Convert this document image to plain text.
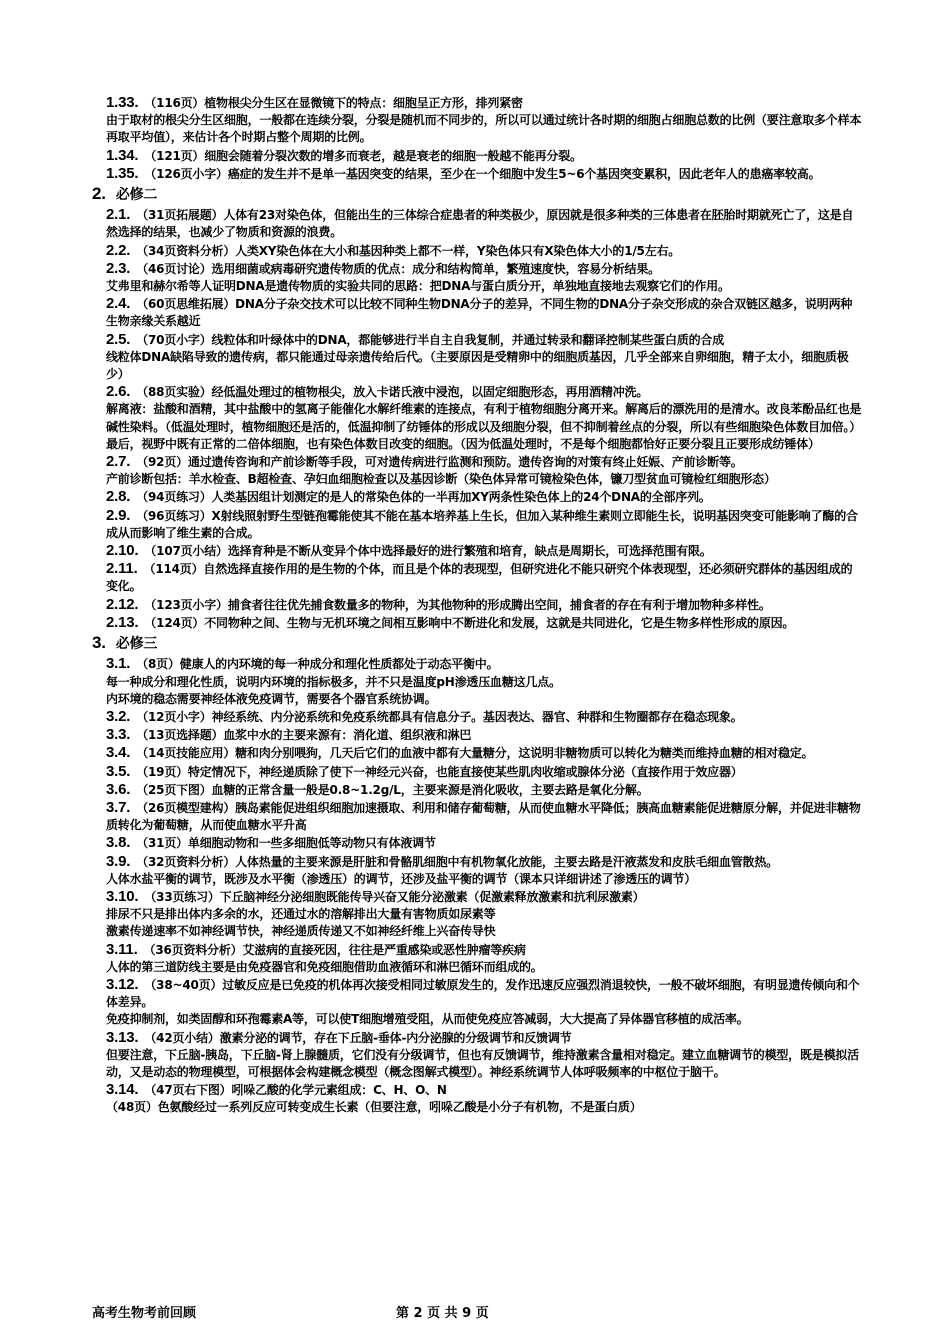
1.33. （116页）植物根尖分生区在显微镜下的特点：细胞呈正方形，排列紧密
由于取材的根尖分生区细胞，一般都在连续分裂，分裂是随机而不同步的，所以可以通过统计各时期的细胞占细胞总数的比例（要注意取多个样本再取平均值），来估计各个时期占整个周期的比例。
1.34. （121页）细胞会随着分裂次数的增多而衰老，越是衰老的细胞一般越不能再分裂。
1.35. （126页小字）癌症的发生并不是单一基因突变的结果，至少在一个细胞中发生5~6个基因突变累积，因此老年人的患癌率较高。
2. 必修二
2.1. （31页拓展题）人体有23对染色体，但能出生的三体综合症患者的种类极少，原因就是很多种类的三体患者在胚胎时期就死亡了，这是自然选择的结果，也减少了物质和资源的浪费。
2.2. （34页资料分析）人类XY染色体在大小和基因种类上都不一样，Y染色体只有X染色体大小的1/5左右。
2.3. （46页讨论）选用细菌或病毒研究遗传物质的优点：成分和结构简单，繁殖速度快，容易分析结果。
艾弗里和赫尔希等人证明DNA是遗传物质的实验共同的思路：把DNA与蛋白质分开，单独地直接地去观察它们的作用。
2.4. （60页思维拓展）DNA分子杂交技术可以比较不同种生物DNA分子的差异，不同生物的DNA分子杂交形成的杂合双链区越多，说明两种生物亲缘关系越近
2.5. （70页小字）线粒体和叶绿体中的DNA，都能够进行半自主自我复制，并通过转录和翻译控制某些蛋白质的合成
线粒体DNA缺陷导致的遗传病，都只能通过母亲遗传给后代。（主要原因是受精卵中的细胞质基因，几乎全部来自卵细胞，精子太小，细胞质极少）
2.6. （88页实验）经低温处理过的植物根尖，放入卡诺氏液中浸泡，以固定细胞形态，再用酒精冲洗。
解离液：盐酸和酒精，其中盐酸中的氢离子能催化水解纤维素的连接点，有利于植物细胞分离开来。解离后的漂洗用的是清水。改良苯酚品红也是碱性染料。（低温处理时，植物细胞还是活的，低温抑制了纺锤体的形成以及细胞分裂，但不抑制着丝点的分裂，所以有些细胞染色体数目加倍。）
最后，视野中既有正常的二倍体细胞，也有染色体数目改变的细胞。（因为低温处理时，不是每个细胞都恰好正要分裂且正要形成纺锤体）
2.7. （92页）通过遗传咨询和产前诊断等手段，可对遗传病进行监测和预防。遗传咨询的对策有终止妊娠、产前诊断等。
产前诊断包括：羊水检查、B超检查、孕妇血细胞检查以及基因诊断（染色体异常可镜检染色体，镰刀型贫血可镜检红细胞形态）
2.8. （94页练习）人类基因组计划测定的是人的常染色体的一半再加XY两条性染色体上的24个DNA的全部序列。
2.9. （96页练习）X射线照射野生型链孢霉能使其不能在基本培养基上生长，但加入某种维生素则立即能生长，说明基因突变可能影响了酶的合成从而影响了维生素的合成。
2.10. （107页小结）选择育种是不断从变异个体中选择最好的进行繁殖和培育，缺点是周期长，可选择范围有限。
2.11. （114页）自然选择直接作用的是生物的个体，而且是个体的表现型，但研究进化不能只研究个体表现型，还必须研究群体的基因组成的变化。
2.12. （123页小字）捕食者往往优先捕食数量多的物种，为其他物种的形成腾出空间，捕食者的存在有利于增加物种多样性。
2.13. （124页）不同物种之间、生物与无机环境之间相互影响中不断进化和发展，这就是共同进化，它是生物多样性形成的原因。
3. 必修三
3.1. （8页）健康人的内环境的每一种成分和理化性质都处于动态平衡中。
每一种成分和理化性质，说明内环境的指标极多，并不只是温度pH渗透压血糖这几点。
内环境的稳态需要神经体液免疫调节，需要各个器官系统协调。
3.2. （12页小字）神经系统、内分泌系统和免疫系统都具有信息分子。基因表达、器官、种群和生物圈都存在稳态现象。
3.3. （13页选择题）血浆中水的主要来源有：消化道、组织液和淋巴
3.4. （14页技能应用）糖和肉分别喂狗，几天后它们的血液中都有大量糖分，这说明非糖物质可以转化为糖类而维持血糖的相对稳定。
3.5. （19页）特定情况下，神经递质除了使下一神经元兴奋，也能直接使某些肌肉收缩或腺体分泌（直接作用于效应器）
3.6. （25页下图）血糖的正常含量一般是0.8~1.2g/L，主要来源是消化吸收，主要去路是氧化分解。
3.7. （26页模型建构）胰岛素能促进组织细胞加速摄取、利用和储存葡萄糖，从而使血糖水平降低；胰高血糖素能促进糖原分解，并促进非糖物质转化为葡萄糖，从而使血糖水平升高
3.8. （31页）单细胞动物和一些多细胞低等动物只有体液调节
3.9. （32页资料分析）人体热量的主要来源是肝脏和骨骼肌细胞中有机物氧化放能，主要去路是汗液蒸发和皮肤毛细血管散热。
人体水盐平衡的调节，既涉及水平衡（渗透压）的调节，还涉及盐平衡的调节（课本只详细讲述了渗透压的调节）
3.10. （33页练习）下丘脑神经分泌细胞既能传导兴奋又能分泌激素（促激素释放激素和抗利尿激素）
排尿不只是排出体内多余的水，还通过水的溶解排出大量有害物质如尿素等
激素传递速率不如神经调节快，神经递质传递又不如神经纤维上兴奋传导快
3.11. （36页资料分析）艾滋病的直接死因，往往是严重感染或恶性肿瘤等疾病
人体的第三道防线主要是由免疫器官和免疫细胞借助血液循环和淋巴循环而组成的。
3.12. （38~40页）过敏反应是已免疫的机体再次接受相同过敏原发生的，发作迅速反应强烈消退较快，一般不破坏细胞，有明显遗传倾向和个体差异。
免疫抑制剂，如类固醇和环孢霉素A等，可以使T细胞增殖受阻，从而使免疫应答减弱，大大提高了异体器官移植的成活率。
3.13. （42页小结）激素分泌的调节，存在下丘脑-垂体-内分泌腺的分级调节和反馈调节
但要注意，下丘脑-胰岛，下丘脑-肾上腺髓质，它们没有分级调节，但也有反馈调节，维持激素含量相对稳定。建立血糖调节的模型，既是模拟活动，又是动态的物理模型，可根据体会构建概念模型（概念图解式模型）。神经系统调节人体呼吸频率的中枢位于脑干。
3.14. （47页右下图）吲哚乙酸的化学元素组成：C、H、O、N
（48页）色氨酸经过一系列反应可转变成生长素（但要注意，吲哚乙酸是小分子有机物，不是蛋白质）
高考生物考前回顾	第 2 页 共 9 页
